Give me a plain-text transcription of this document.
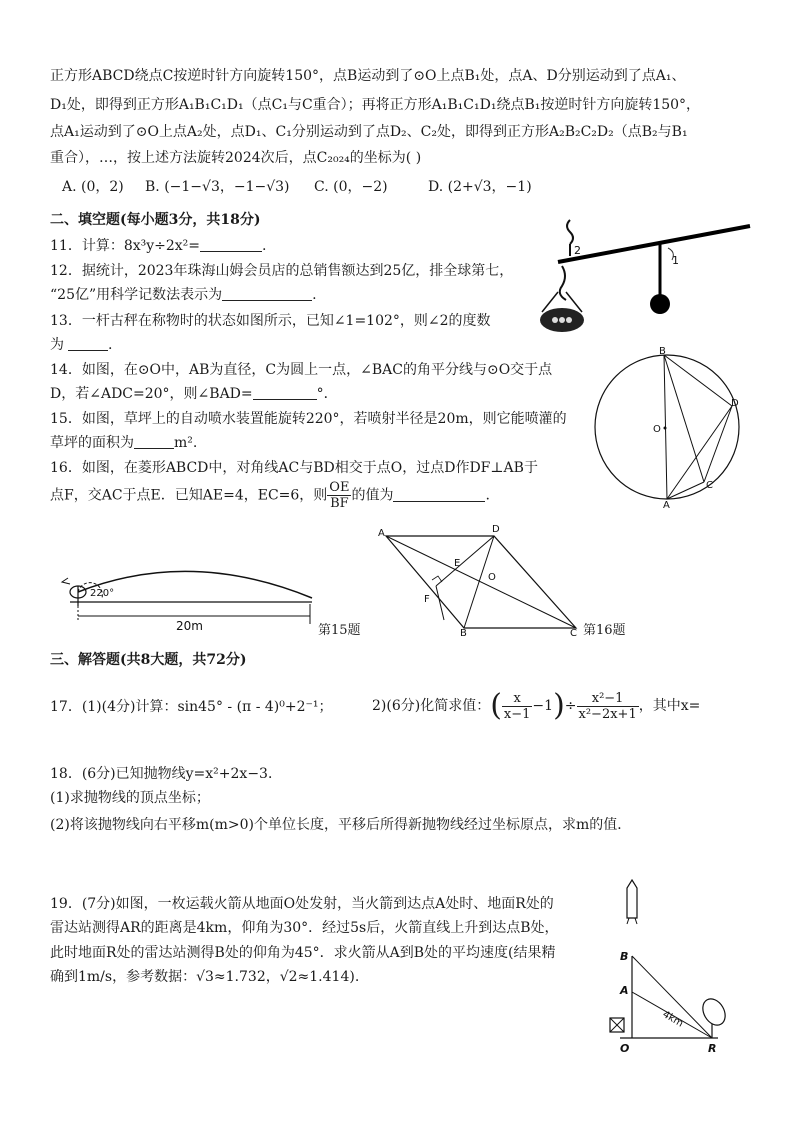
正方形ABCD绕点C按逆时针方向旋转150°，点B运动到了⊙O上点B₁处，点A、D分别运动到了点A₁、
D₁处，即得到正方形A₁B₁C₁D₁（点C₁与C重合）；再将正方形A₁B₁C₁D₁绕点B₁按逆时针方向旋转150°，
点A₁运动到了⊙O上点A₂处，点D₁、C₁分别运动到了点D₂、C₂处，即得到正方形A₂B₂C₂D₂（点B₂与B₁
重合），…，按上述方法旋转2024次后，点C₂₀₂₄的坐标为( )
A. (0，2) B. (−1−√3，−1−√3) C. (0，−2)	D. (2+√3，−1)
二、填空题(每小题3分，共18分)
11．计算：8x³y÷2x²=	.
12．据统计，2023年珠海山姆会员店的总销售额达到25亿，排全球第七，
“25亿”用科学记数法表示为	.
13．一杆古秤在称物时的状态如图所示，已知∠1=102°，则∠2的度数
为	.
14．如图，在⊙O中，AB为直径，C为圆上一点，∠BAC的角平分线与⊙O交于点
D，若∠ADC=20°，则∠BAD=	°．
15．如图，草坪上的自动喷水装置能旋转220°，若喷射半径是20m，则它能喷灌的
草坪的面积为	m².
16．如图，在菱形ABCD中，对角线AC与BD相交于点O，过点D作DF⊥AB于
点F，交AC于点E．已知AE=4，EC=6，则 $\frac{OE}{BF}$ 的值为	.
1
2
B
D
O
C
A
220°
20m	第15题
A	D
E
O
F
B	C 第16题
三、解答题(共8大题，共72分)
17．(1)(4分)计算：sin45° - (π - 4)⁰+2⁻¹；	2)(6分)化简求值：( $\frac{x}{x-1} -1)\div \frac{\text{x²−1}}{\text{x²−2x+1}}$ ，其中x=
18．(6分)已知抛物线y=x²+2x−3．
(1)求抛物线的顶点坐标；
(2)将该抛物线向右平移m(m>0)个单位长度，平移后所得新抛物线经过坐标原点，求m的值．
19．(7分)如图，一枚运载火箭从地面O处发射，当火箭到达点A处时、地面R处的
雷达站测得AR的距离是4km，仰角为30°．经过5s后，火箭直线上升到达点B处，
此时地面R处的雷达站测得B处的仰角为45°．求火箭从A到B处的平均速度(结果精
确到1m/s，参考数据：√3≈1.732，√2≈1.414).
B
A
O	R
4km
